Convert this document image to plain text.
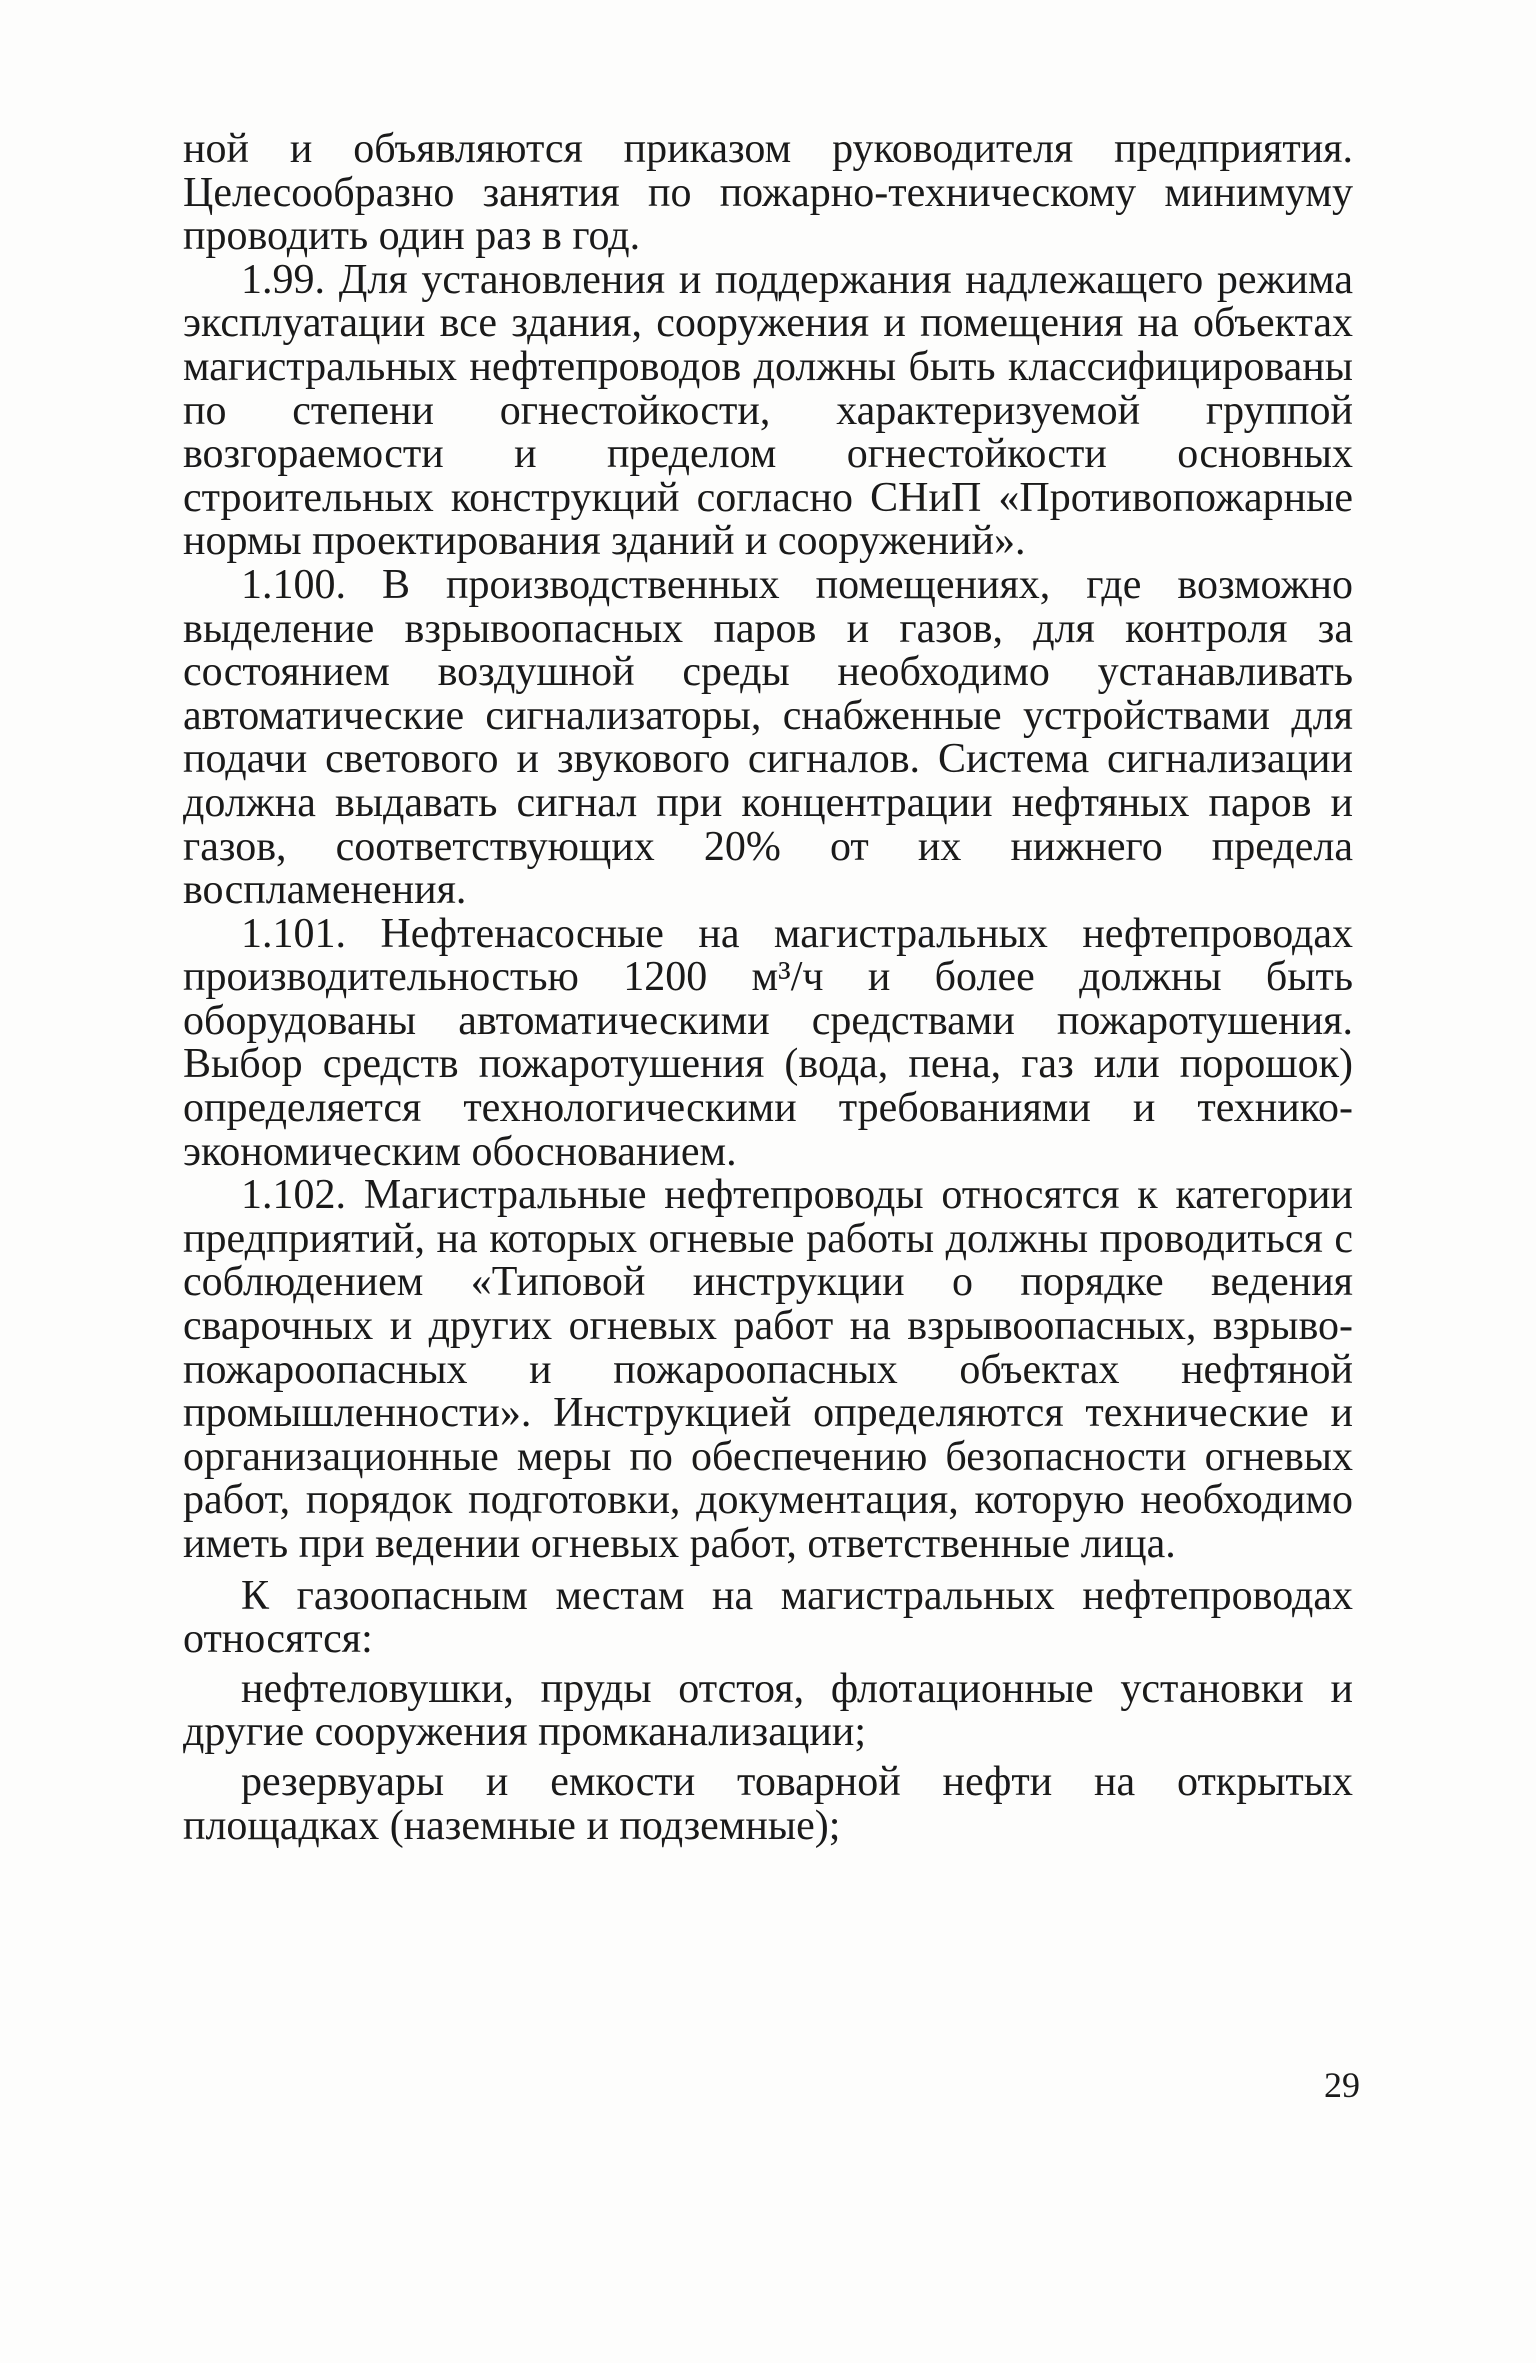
ной и объявляются приказом руководителя предприятия. Целесообразно занятия по пожарно-техническому минимуму проводить один раз в год.

1.99. Для установления и поддержания надлежащего режима эксплуатации все здания, сооружения и помещения на объектах магистральных нефтепроводов должны быть классифицированы по степени огнестойкости, характеризуемой группой возгораемости и пределом огнестойкости основных строительных конструкций согласно СНиП «Противопожарные нормы проектирования зданий и сооружений».

1.100. В производственных помещениях, где возможно выделение взрывоопасных паров и газов, для контроля за состоянием воздушной среды необходимо устанавливать автоматические сигнализаторы, снабженные устройствами для подачи светового и звукового сигналов. Система сигнализации должна выдавать сигнал при концентрации нефтяных паров и газов, соответствующих 20% от их нижнего предела воспламенения.

1.101. Нефтенасосные на магистральных нефтепроводах производительностью 1200 м³/ч и более должны быть оборудованы автоматическими средствами пожаротушения. Выбор средств пожаротушения (вода, пена, газ или порошок) определяется технологическими требованиями и технико-экономическим обоснованием.

1.102. Магистральные нефтепроводы относятся к категории предприятий, на которых огневые работы должны проводиться с соблюдением «Типовой инструкции о порядке ведения сварочных и других огневых работ на взрывоопасных, взрыво-пожароопасных и пожароопасных объектах нефтяной промышленности». Инструкцией определяются технические и организационные меры по обеспечению безопасности огневых работ, порядок подготовки, документация, которую необходимо иметь при ведении огневых работ, ответственные лица.

К газоопасным местам на магистральных нефтепроводах относятся:

нефтеловушки, пруды отстоя, флотационные установки и другие сооружения промканализации;

резервуары и емкости товарной нефти на открытых площадках (наземные и подземные);

29
